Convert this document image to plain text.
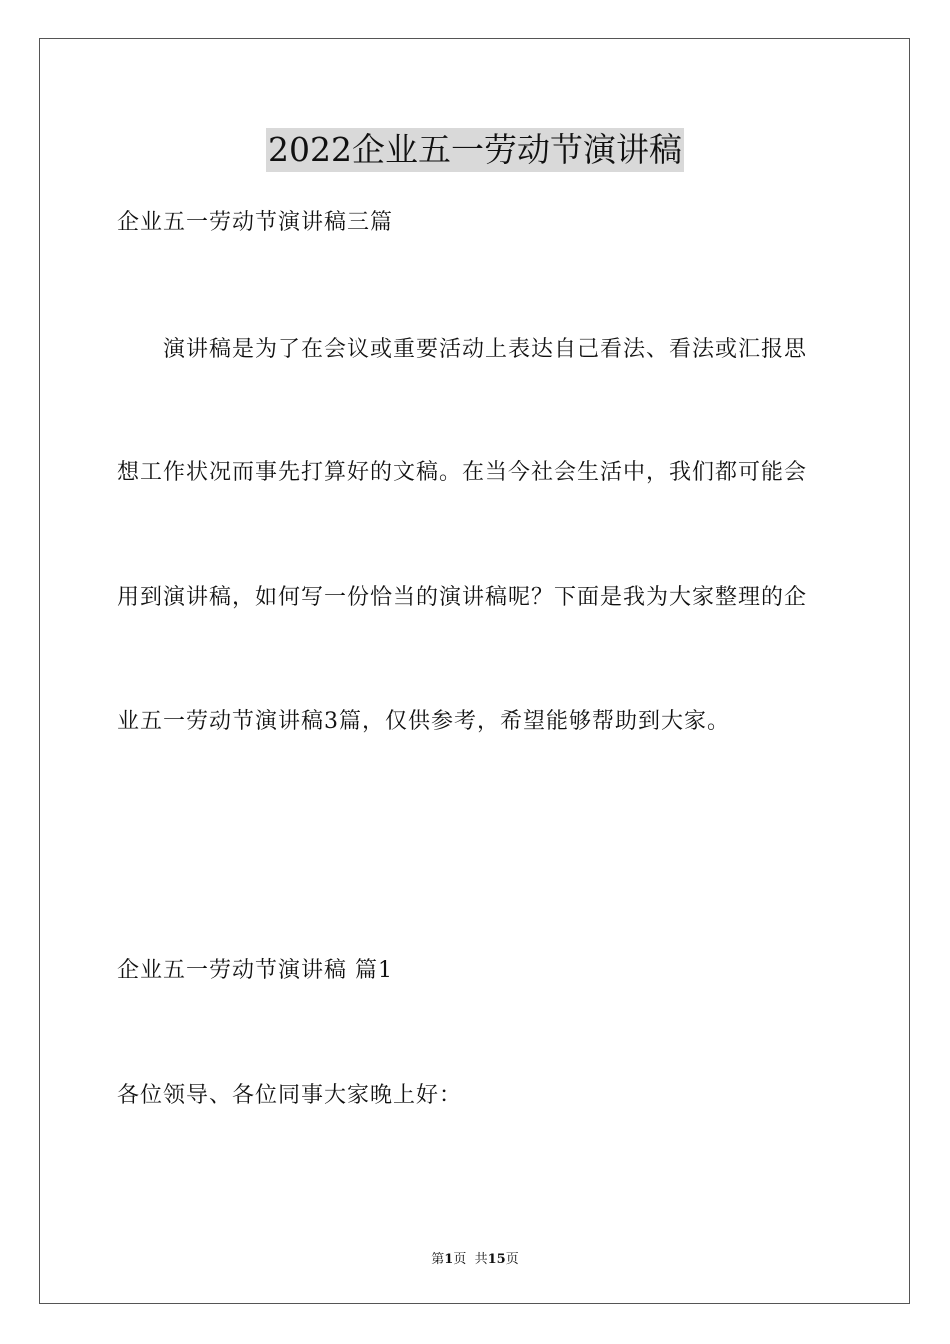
2022企业五一劳动节演讲稿
企业五一劳动节演讲稿三篇
演讲稿是为了在会议或重要活动上表达自己看法、看法或汇报思
想工作状况而事先打算好的文稿。在当今社会生活中，我们都可能会
用到演讲稿，如何写一份恰当的演讲稿呢？下面是我为大家整理的企
业五一劳动节演讲稿3篇，仅供参考，希望能够帮助到大家。
企业五一劳动节演讲稿 篇1
各位领导、各位同事大家晚上好：
第1页  共15页
